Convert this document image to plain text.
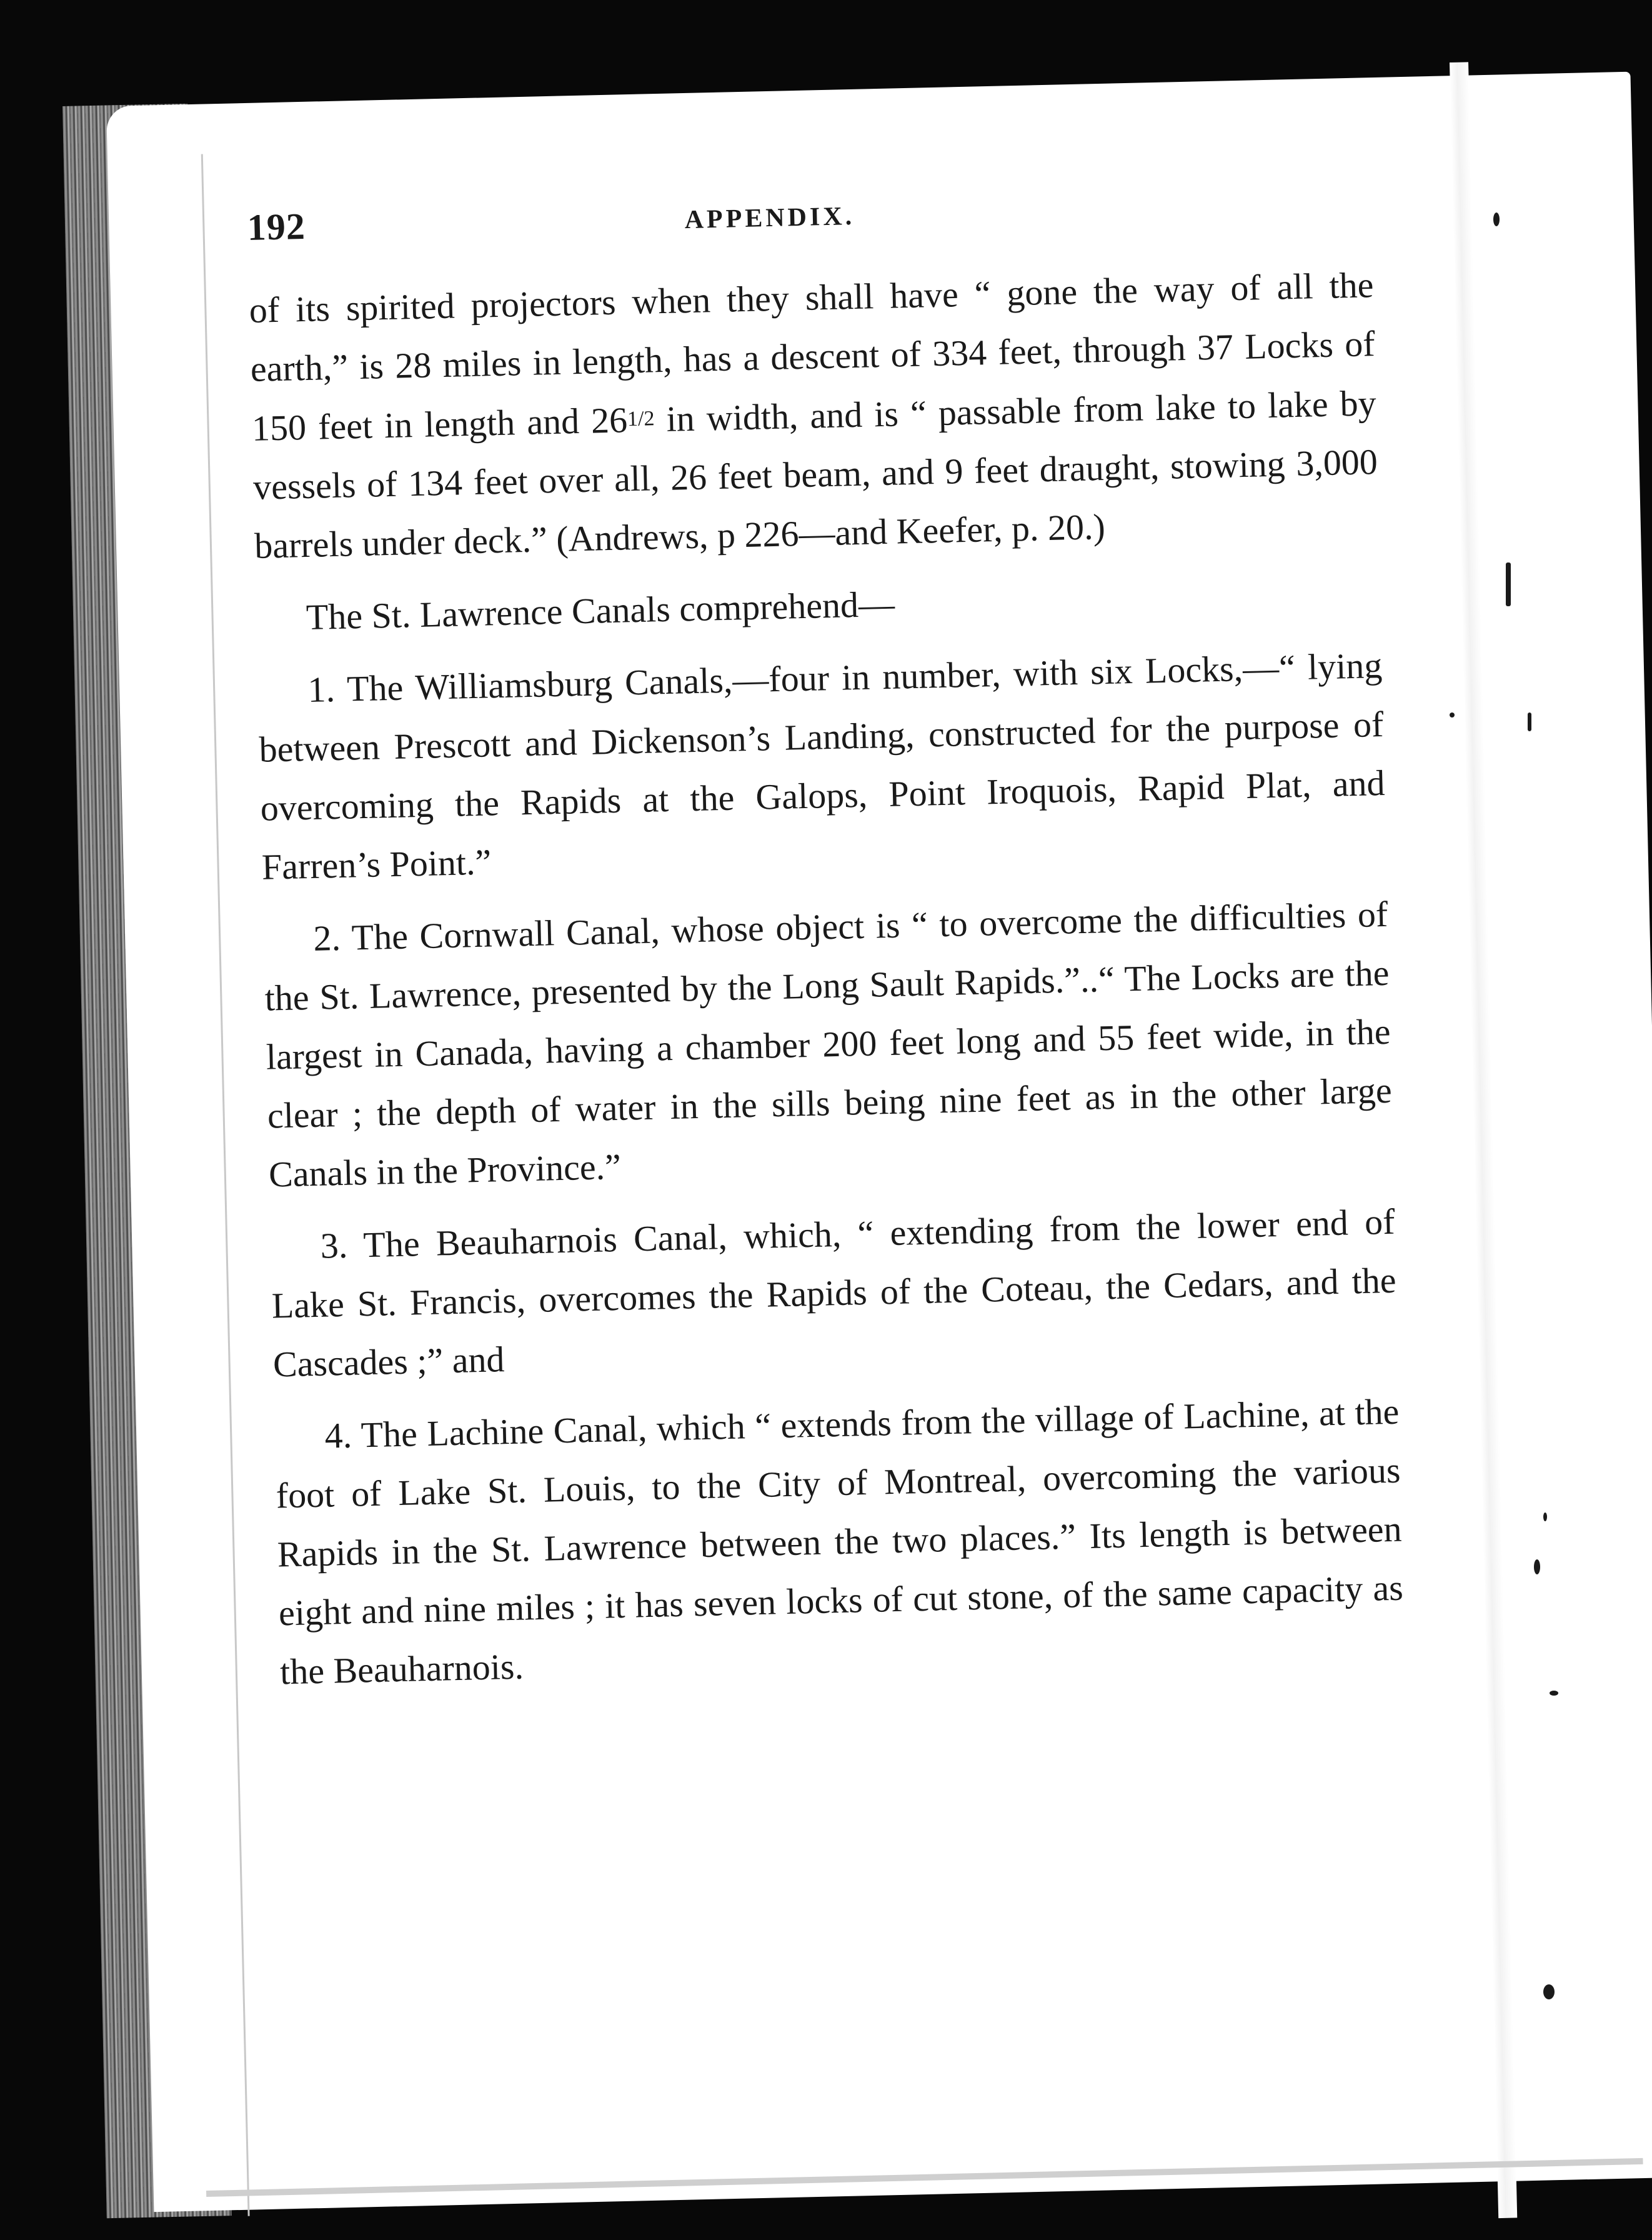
192	APPENDIX.

of its spirited projectors when they shall have “ gone the way of all the earth,” is 28 miles in length, has a descent of 334 feet, through 37 Locks of 150 feet in length and 261/2 in width, and is “ passable from lake to lake by vessels of 134 feet over all, 26 feet beam, and 9 feet draught, stowing 3,000 barrels under deck.” (Andrews, p 226—and Keefer, p. 20.)

The St. Lawrence Canals comprehend—

1. The Williamsburg Canals,—four in number, with six Locks,—“ lying between Prescott and Dickenson’s Landing, constructed for the purpose of overcoming the Rapids at the Galops, Point Iroquois, Rapid Plat, and Farren’s Point.”

2. The Cornwall Canal, whose object is “ to overcome the difficulties of the St. Lawrence, presented by the Long Sault Rapids.”..“ The Locks are the largest in Canada, having a chamber 200 feet long and 55 feet wide, in the clear ; the depth of water in the sills being nine feet as in the other large Canals in the Province.”

3. The Beauharnois Canal, which, “ extending from the lower end of Lake St. Francis, overcomes the Rapids of the Coteau, the Cedars, and the Cascades ;” and

4. The Lachine Canal, which “ extends from the village of Lachine, at the foot of Lake St. Louis, to the City of Montreal, overcoming the various Rapids in the St. Lawrence between the two places.” Its length is between eight and nine miles ; it has seven locks of cut stone, of the same capacity as the Beauharnois.
